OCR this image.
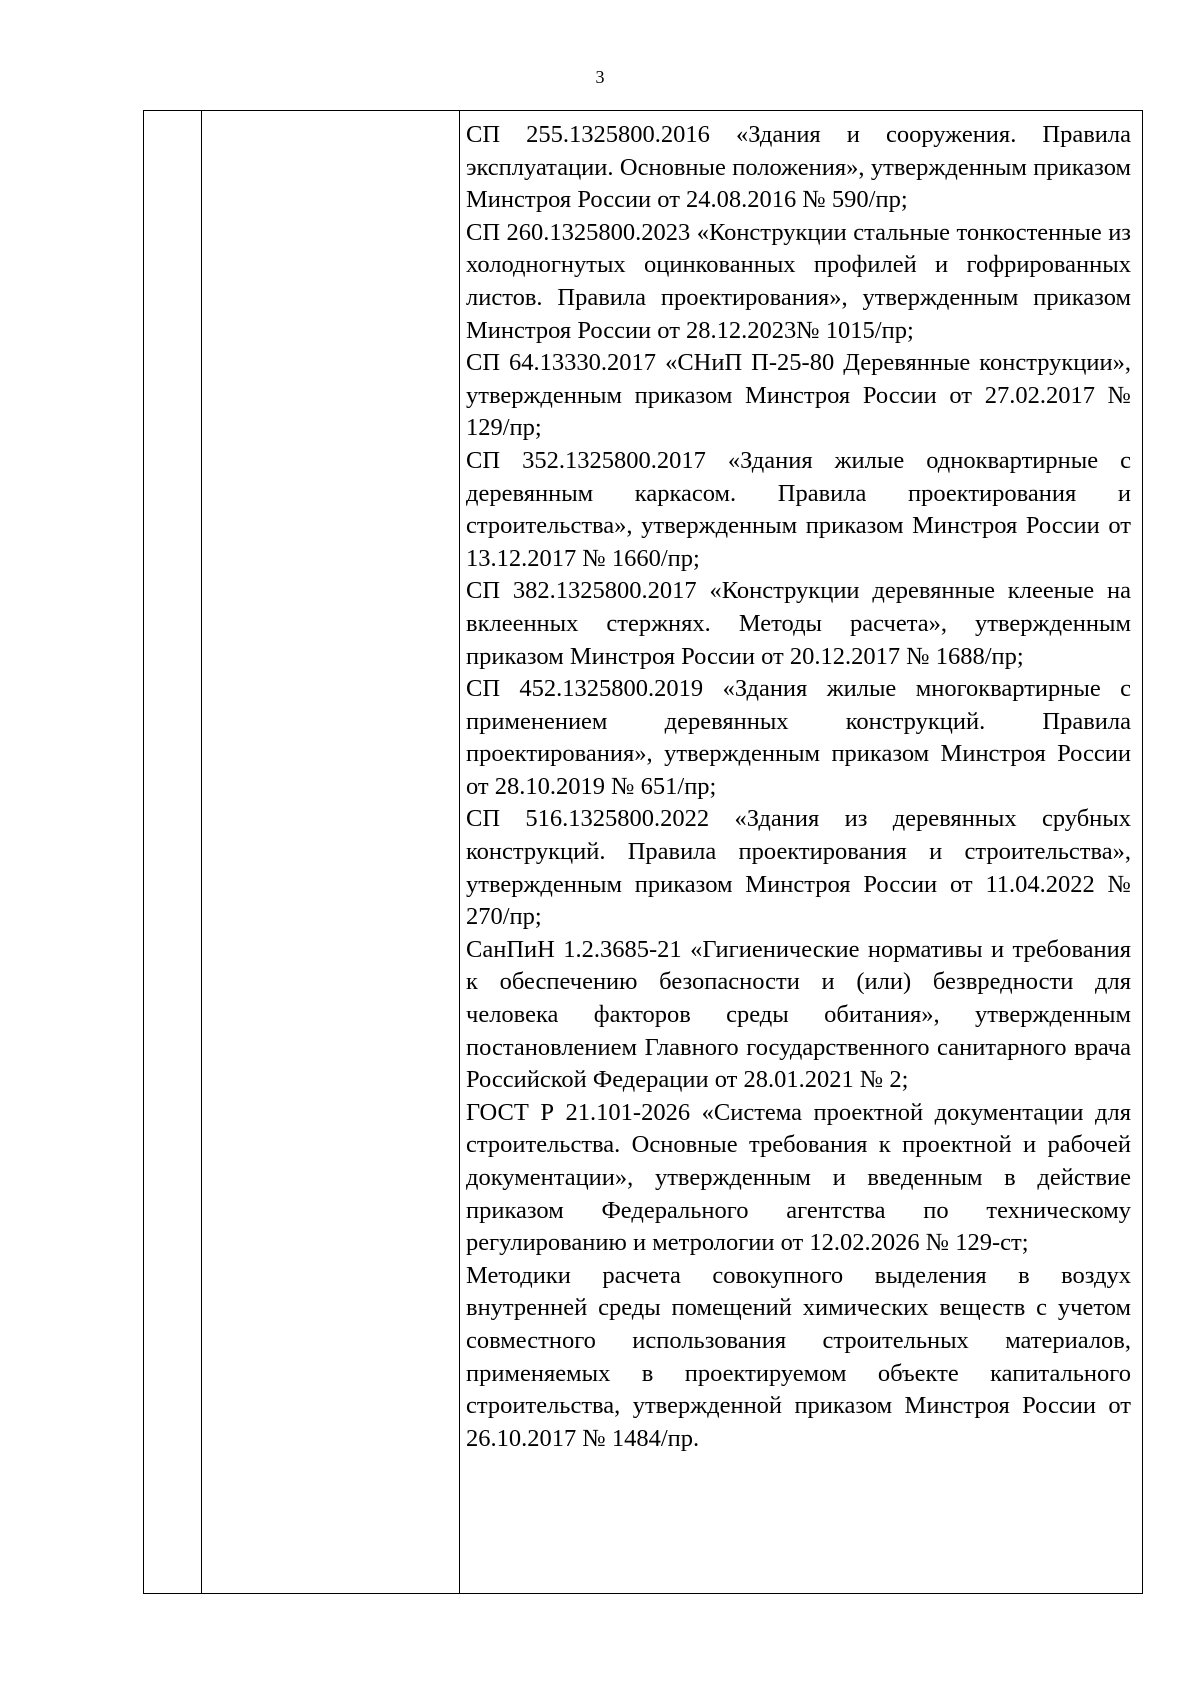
3

СП 255.1325800.2016 «Здания и сооружения. Правила эксплуатации. Основные положения», утвержденным приказом Минстроя России от 24.08.2016 № 590/пр;

СП 260.1325800.2023 «Конструкции стальные тонкостенные из холодногнутых оцинкованных профилей и гофрированных листов. Правила проектирования», утвержденным приказом Минстроя России от 28.12.2023№ 1015/пр;

СП 64.13330.2017 «СНиП П-25-80 Деревянные конструкции», утвержденным приказом Минстроя России от 27.02.2017 № 129/пр;

СП 352.1325800.2017 «Здания жилые одноквартирные с деревянным каркасом. Правила проектирования и строительства», утвержденным приказом Минстроя России от 13.12.2017 № 1660/пр;

СП 382.1325800.2017 «Конструкции деревянные клееные на вклеенных стержнях. Методы расчета», утвержденным приказом Минстроя России от 20.12.2017 № 1688/пр;

СП 452.1325800.2019 «Здания жилые многоквартирные с применением деревянных конструкций. Правила проектирования», утвержденным приказом Минстроя России от 28.10.2019 № 651/пр;

СП 516.1325800.2022 «Здания из деревянных срубных конструкций. Правила проектирования и строительства», утвержденным приказом Минстроя России от 11.04.2022 № 270/пр;

СанПиН 1.2.3685-21 «Гигиенические нормативы и требования к обеспечению безопасности и (или) безвредности для человека факторов среды обитания», утвержденным постановлением Главного государственного санитарного врача Российской Федерации от 28.01.2021 № 2;

ГОСТ Р 21.101-2026 «Система проектной документации для строительства. Основные требования к проектной и рабочей документации», утвержденным и введенным в действие приказом Федерального агентства по техническому регулированию и метрологии от 12.02.2026 № 129-ст;

Методики расчета совокупного выделения в воздух внутренней среды помещений химических веществ с учетом совместного использования строительных материалов, применяемых в проектируемом объекте капитального строительства, утвержденной приказом Минстроя России от 26.10.2017 № 1484/пр.
